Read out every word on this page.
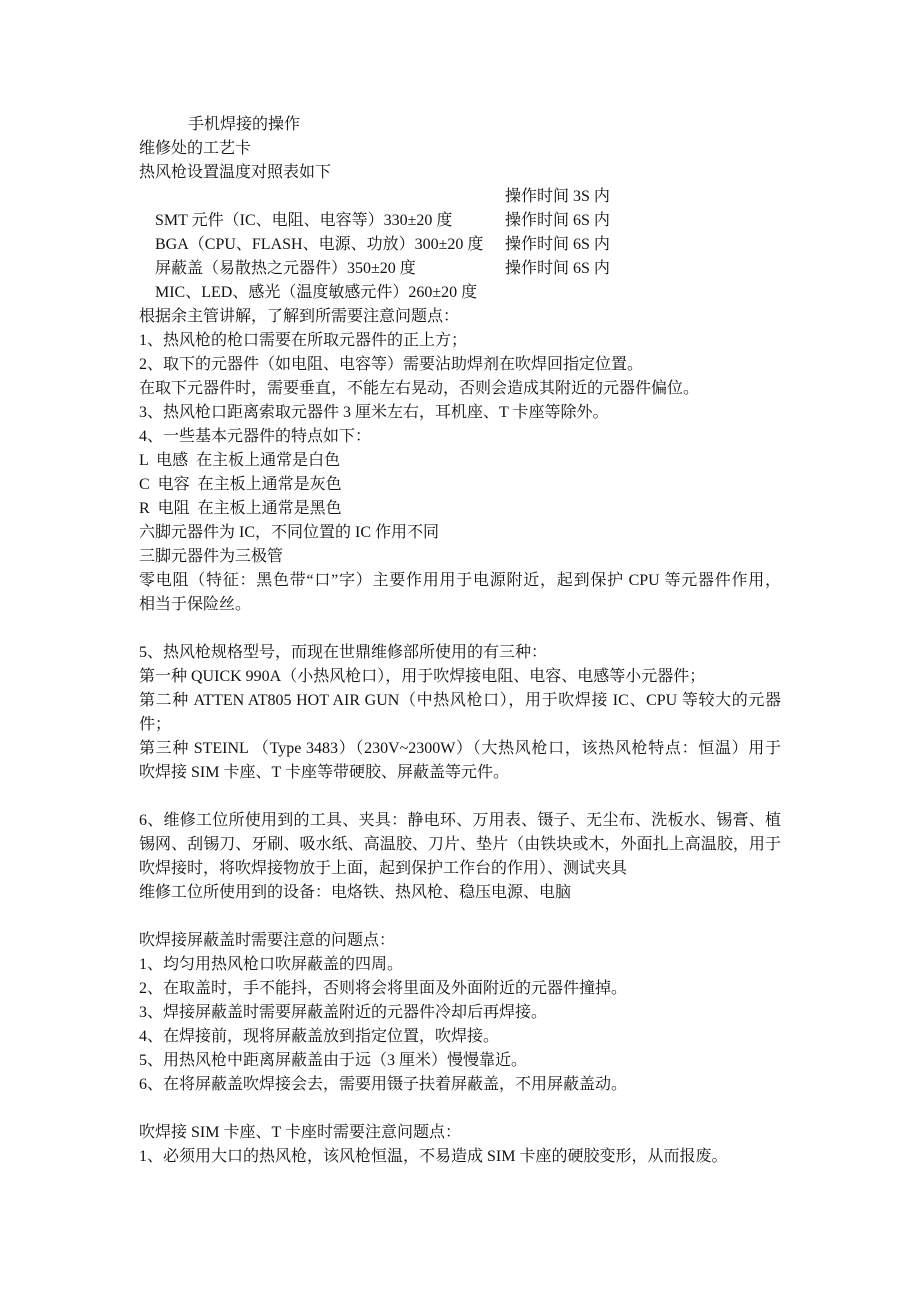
手机焊接的操作
维修处的工艺卡
热风枪设置温度对照表如下

SMT 元件（IC、电阻、电容等）330±20 度

操作时间 3S 内

BGA（CPU、FLASH、电源、功放）300±20 度

操作时间 6S 内

屏蔽盖（易散热之元器件）350±20 度

操作时间 6S 内

MIC、LED、感光（温度敏感元件）260±20 度

操作时间 6S 内

根据余主管讲解，了解到所需要注意问题点：
1、热风枪的枪口需要在所取元器件的正上方；
2、取下的元器件（如电阻、电容等）需要沾助焊剂在吹焊回指定位置。
在取下元器件时，需要垂直，不能左右晃动，否则会造成其附近的元器件偏位。
3、热风枪口距离索取元器件 3 厘米左右，耳机座、T 卡座等除外。
4、一些基本元器件的特点如下：
L  电感  在主板上通常是白色
C  电容  在主板上通常是灰色
R  电阻  在主板上通常是黑色
六脚元器件为 IC，不同位置的 IC 作用不同
三脚元器件为三极管
零电阻（特征：黑色带“口”字）主要作用用于电源附近，起到保护 CPU 等元器件作用，
相当于保险丝。
5、热风枪规格型号，而现在世鼎维修部所使用的有三种：
第一种 QUICK 990A（小热风枪口），用于吹焊接电阻、电容、电感等小元器件；
第二种 ATTEN AT805 HOT AIR GUN（中热风枪口），用于吹焊接 IC、CPU 等较大的元器
件；
第三种 STEINL （Type 3483）（230V~2300W）（大热风枪口，该热风枪特点：恒温）用于
吹焊接 SIM 卡座、T 卡座等带硬胶、屏蔽盖等元件。
6、维修工位所使用到的工具、夹具：静电环、万用表、镊子、无尘布、洗板水、锡膏、植
锡网、刮锡刀、牙刷、吸水纸、高温胶、刀片、垫片（由铁块或木，外面扎上高温胶，用于
吹焊接时，将吹焊接物放于上面，起到保护工作台的作用）、测试夹具
维修工位所使用到的设备：电烙铁、热风枪、稳压电源、电脑
吹焊接屏蔽盖时需要注意的问题点：
1、均匀用热风枪口吹屏蔽盖的四周。
2、在取盖时，手不能抖，否则将会将里面及外面附近的元器件撞掉。
3、焊接屏蔽盖时需要屏蔽盖附近的元器件冷却后再焊接。
4、在焊接前，现将屏蔽盖放到指定位置，吹焊接。
5、用热风枪中距离屏蔽盖由于远（3 厘米）慢慢靠近。
6、在将屏蔽盖吹焊接会去，需要用镊子扶着屏蔽盖，不用屏蔽盖动。
吹焊接 SIM 卡座、T 卡座时需要注意问题点：
1、必须用大口的热风枪，该风枪恒温，不易造成 SIM 卡座的硬胶变形，从而报废。
